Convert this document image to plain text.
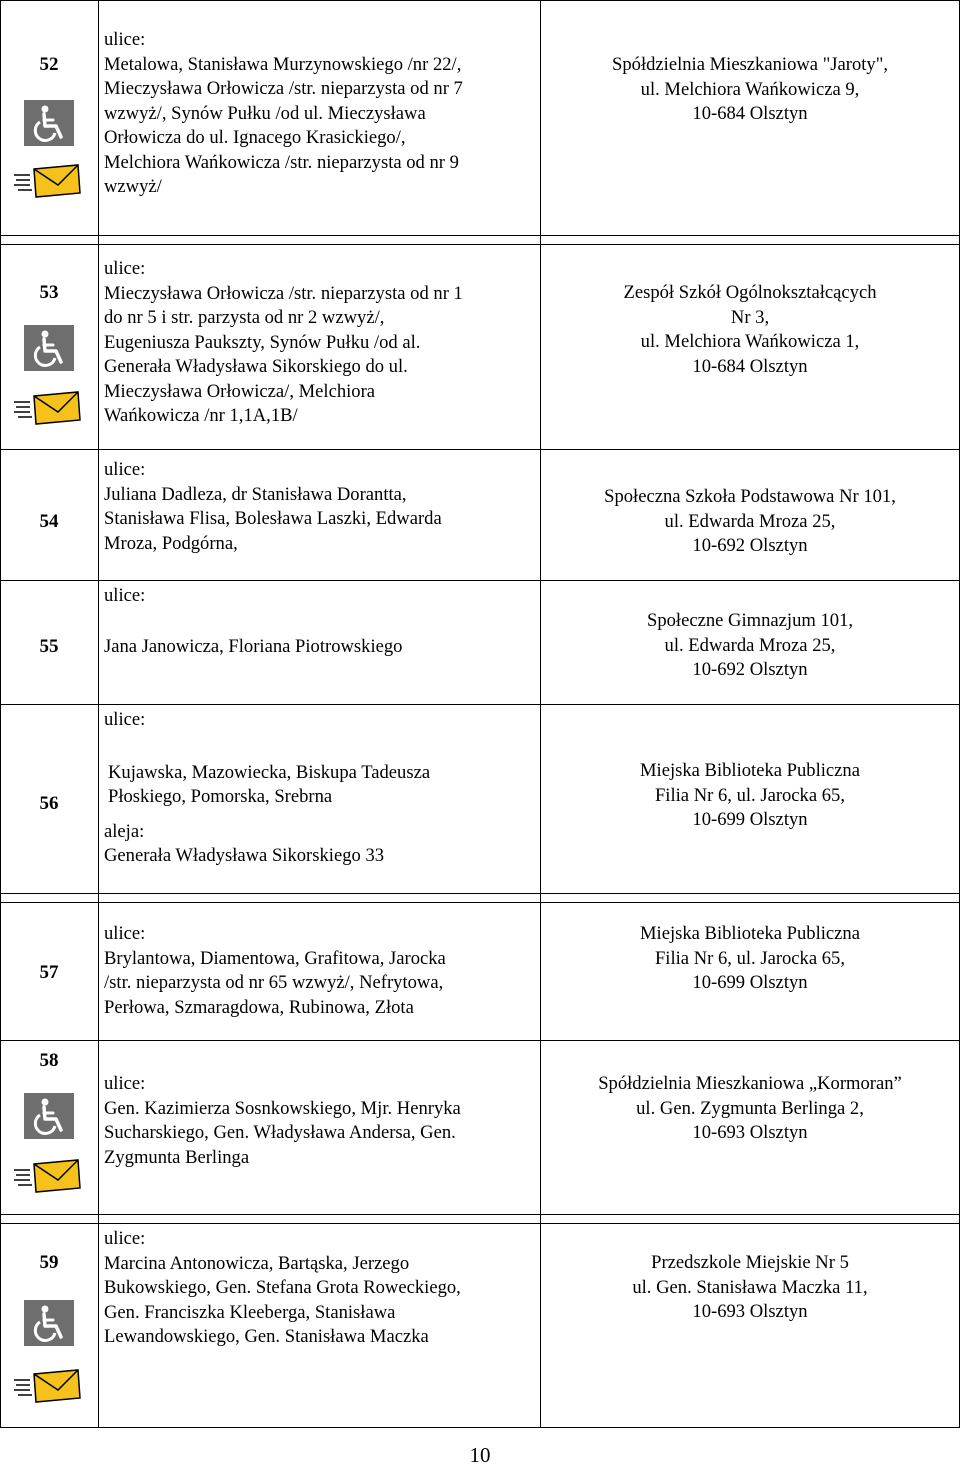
52
ulice:
Metalowa, Stanisława Murzynowskiego /nr 22/,
Mieczysława Orłowicza /str. nieparzysta od nr 7
wzwyż/, Synów Pułku /od ul. Mieczysława
Orłowicza do ul. Ignacego Krasickiego/,
Melchiora Wańkowicza /str. nieparzysta od nr 9
wzwyż/
Spółdzielnia Mieszkaniowa "Jaroty",
ul. Melchiora Wańkowicza 9,
10-684 Olsztyn
53
ulice:
Mieczysława Orłowicza /str. nieparzysta od nr 1
do nr 5 i str. parzysta od nr 2 wzwyż/,
Eugeniusza Paukszty, Synów Pułku /od al.
Generała Władysława Sikorskiego do ul.
Mieczysława Orłowicza/, Melchiora
Wańkowicza /nr 1,1A,1B/
Zespół Szkół Ogólnokształcących
Nr 3,
ul. Melchiora Wańkowicza 1,
10-684 Olsztyn
54
ulice:
Juliana Dadleza, dr Stanisława Dorantta,
Stanisława Flisa, Bolesława Laszki, Edwarda
Mroza, Podgórna,
Społeczna Szkoła Podstawowa Nr 101,
ul. Edwarda Mroza 25,
10-692 Olsztyn
55
ulice:
Jana Janowicza, Floriana Piotrowskiego
Społeczne Gimnazjum 101,
ul. Edwarda Mroza 25,
10-692 Olsztyn
56
ulice:
Kujawska, Mazowiecka, Biskupa Tadeusza
Płoskiego, Pomorska, Srebrna
aleja:
Generała Władysława Sikorskiego 33
Miejska Biblioteka Publiczna
Filia Nr 6, ul. Jarocka 65,
10-699 Olsztyn
57
ulice:
Brylantowa, Diamentowa, Grafitowa, Jarocka
/str. nieparzysta od nr 65 wzwyż/, Nefrytowa,
Perłowa, Szmaragdowa, Rubinowa, Złota
Miejska Biblioteka Publiczna
Filia Nr 6, ul. Jarocka 65,
10-699 Olsztyn
58
ulice:
Gen. Kazimierza Sosnkowskiego, Mjr. Henryka
Sucharskiego, Gen. Władysława Andersa, Gen.
Zygmunta Berlinga
Spółdzielnia Mieszkaniowa „Kormoran”
ul. Gen. Zygmunta Berlinga 2,
10-693 Olsztyn
59
ulice:
Marcina Antonowicza, Bartąska, Jerzego
Bukowskiego, Gen. Stefana Grota Roweckiego,
Gen. Franciszka Kleeberga, Stanisława
Lewandowskiego, Gen. Stanisława Maczka
Przedszkole Miejskie Nr 5
ul. Gen. Stanisława Maczka 11,
10-693 Olsztyn
10
